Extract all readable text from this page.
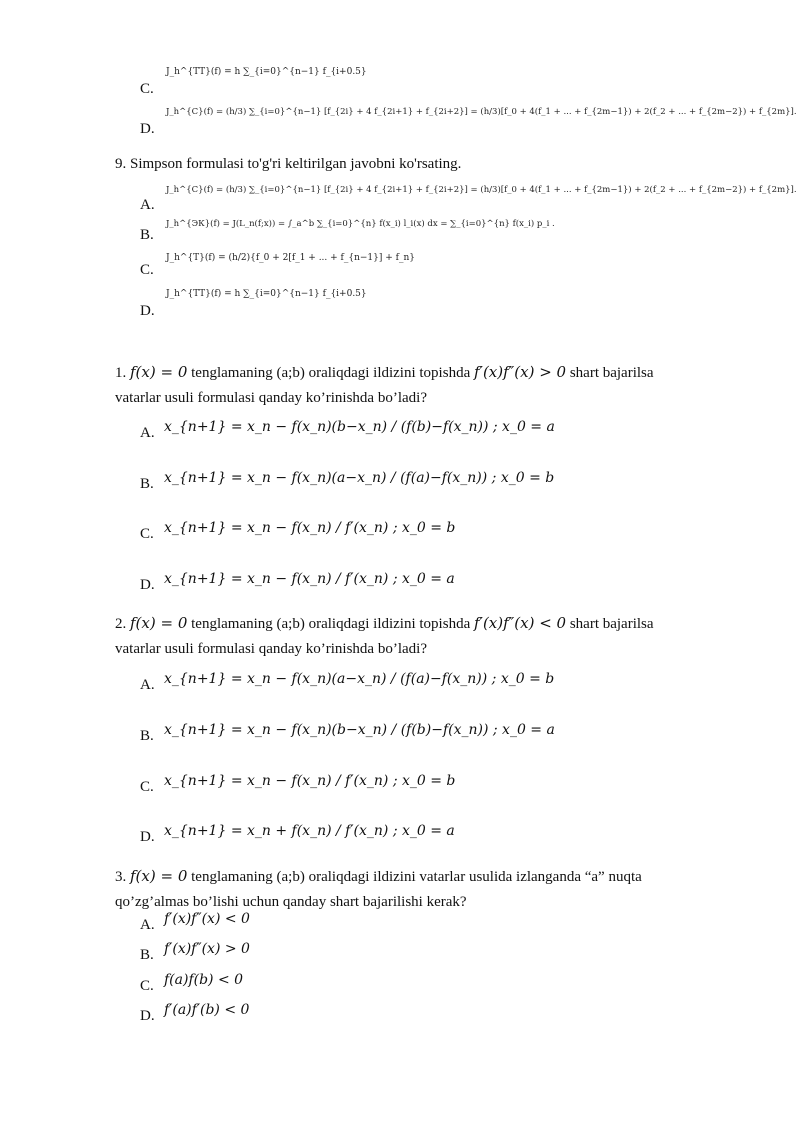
C.
J_h^{ТТ}(f) = h ∑_{i=0}^{n−1} f_{i+0.5}
D.
J_h^{C}(f) = (h/3) ∑_{i=0}^{n−1} [f_{2i} + 4 f_{2i+1} + f_{2i+2}] = (h/3)[f_0 + 4(f_1 + ... + f_{2m−1}) + 2(f_2 + ... + f_{2m−2}) + f_{2m}].
9. Simpson formulasi to'g'ri keltirilgan javobni ko'rsating.
A.
J_h^{C}(f) = (h/3) ∑_{i=0}^{n−1} [f_{2i} + 4 f_{2i+1} + f_{2i+2}] = (h/3)[f_0 + 4(f_1 + ... + f_{2m−1}) + 2(f_2 + ... + f_{2m−2}) + f_{2m}].
B.
J_h^{ЭК}(f) = J(L_n(f;x)) = ∫_a^b ∑_{i=0}^{n} f(x_i) l_i(x) dx = ∑_{i=0}^{n} f(x_i) p_i .
C.
J_h^{T}(f) = (h/2){f_0 + 2[f_1 + ... + f_{n−1}] + f_n}
D.
J_h^{ТТ}(f) = h ∑_{i=0}^{n−1} f_{i+0.5}
1. f(x) = 0 tenglamaning (a;b) oraliqdagi ildizini topishda f′(x)f″(x) > 0 shart bajarilsa
vatarlar usuli formulasi qanday ko’rinishda bo’ladi?
A. x_{n+1} = x_n − f(x_n)(b−x_n) / (f(b)−f(x_n)) ; x_0 = a
B. x_{n+1} = x_n − f(x_n)(a−x_n) / (f(a)−f(x_n)) ; x_0 = b
C. x_{n+1} = x_n − f(x_n) / f′(x_n) ; x_0 = b
D. x_{n+1} = x_n − f(x_n) / f′(x_n) ; x_0 = a
2. f(x) = 0 tenglamaning (a;b) oraliqdagi ildizini topishda f′(x)f″(x) < 0 shart bajarilsa
vatarlar usuli formulasi qanday ko’rinishda bo’ladi?
A. x_{n+1} = x_n − f(x_n)(a−x_n) / (f(a)−f(x_n)) ; x_0 = b
B. x_{n+1} = x_n − f(x_n)(b−x_n) / (f(b)−f(x_n)) ; x_0 = a
C. x_{n+1} = x_n − f(x_n) / f′(x_n) ; x_0 = b
D. x_{n+1} = x_n + f(x_n) / f′(x_n) ; x_0 = a
3. f(x) = 0 tenglamaning (a;b) oraliqdagi ildizini vatarlar usulida izlanganda “a” nuqta
qo’zg’almas bo’lishi uchun qanday shart bajarilishi kerak?
A. f′(x)f″(x) < 0
B. f′(x)f″(x) > 0
C. f(a)f(b) < 0
D. f′(a)f′(b) < 0
